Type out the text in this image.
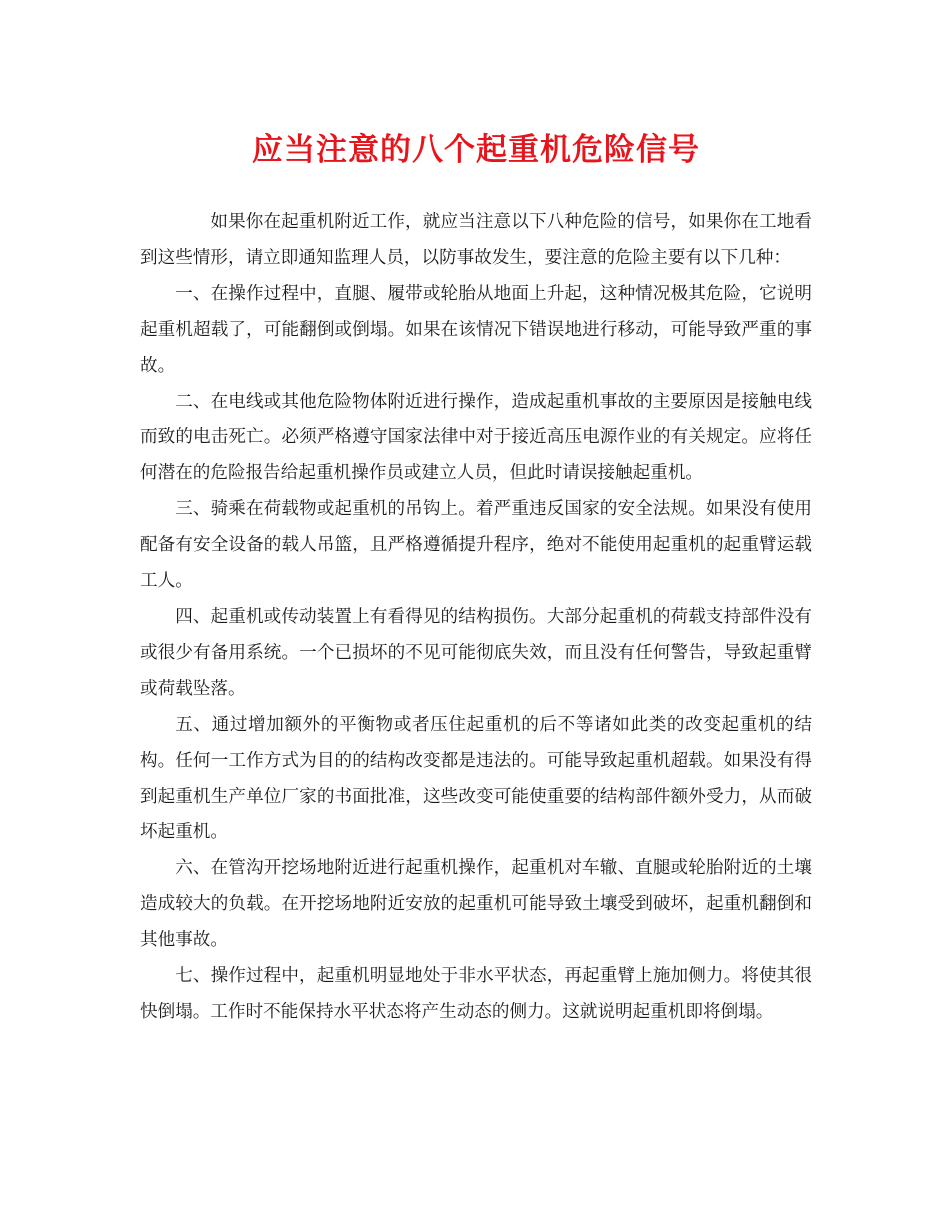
应当注意的八个起重机危险信号

如果你在起重机附近工作，就应当注意以下八种危险的信号，如果你在工地看到这些情形，请立即通知监理人员，以防事故发生，要注意的危险主要有以下几种：

一、在操作过程中，直腿、履带或轮胎从地面上升起，这种情况极其危险，它说明起重机超载了，可能翻倒或倒塌。如果在该情况下错误地进行移动，可能导致严重的事故。

二、在电线或其他危险物体附近进行操作，造成起重机事故的主要原因是接触电线而致的电击死亡。必须严格遵守国家法律中对于接近高压电源作业的有关规定。应将任何潜在的危险报告给起重机操作员或建立人员，但此时请误接触起重机。

三、骑乘在荷载物或起重机的吊钩上。着严重违反国家的安全法规。如果没有使用配备有安全设备的载人吊篮，且严格遵循提升程序，绝对不能使用起重机的起重臂运载工人。

四、起重机或传动装置上有看得见的结构损伤。大部分起重机的荷载支持部件没有或很少有备用系统。一个已损坏的不见可能彻底失效，而且没有任何警告，导致起重臂或荷载坠落。

五、通过增加额外的平衡物或者压住起重机的后不等诸如此类的改变起重机的结构。任何一工作方式为目的的结构改变都是违法的。可能导致起重机超载。如果没有得到起重机生产单位厂家的书面批准，这些改变可能使重要的结构部件额外受力，从而破坏起重机。

六、在管沟开挖场地附近进行起重机操作，起重机对车辙、直腿或轮胎附近的土壤造成较大的负载。在开挖场地附近安放的起重机可能导致土壤受到破坏，起重机翻倒和其他事故。

七、操作过程中，起重机明显地处于非水平状态，再起重臂上施加侧力。将使其很快倒塌。工作时不能保持水平状态将产生动态的侧力。这就说明起重机即将倒塌。
